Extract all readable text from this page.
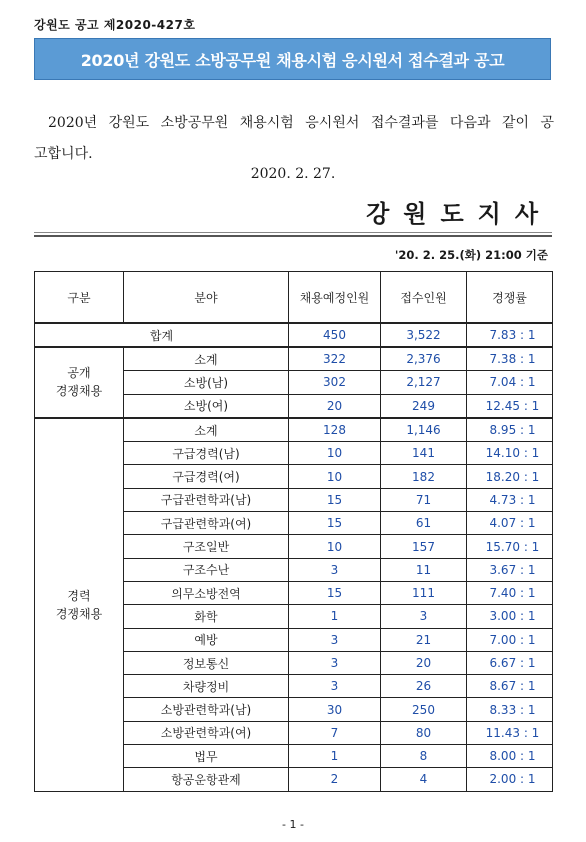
강원도 공고 제2020-427호
2020년 강원도 소방공무원 채용시험 응시원서 접수결과 공고
2020년 강원도 소방공무원 채용시험 응시원서 접수결과를 다음과 같이 공고합니다.
2020. 2. 27.
강원도지사
'20. 2. 25.(화) 21:00 기준
구분	분야	채용예정인원	접수인원	경쟁률
합계		450	3,522	7.83 : 1
공개
경쟁채용	소계	322	2,376	7.38 : 1
	소방(남)	302	2,127	7.04 : 1
	소방(여)	20	249	12.45 : 1
경력
경쟁채용	소계	128	1,146	8.95 : 1
	구급경력(남)	10	141	14.10 : 1
	구급경력(여)	10	182	18.20 : 1
	구급관련학과(남)	15	71	4.73 : 1
	구급관련학과(여)	15	61	4.07 : 1
	구조일반	10	157	15.70 : 1
	구조수난	3	11	3.67 : 1
	의무소방전역	15	111	7.40 : 1
	화학	1	3	3.00 : 1
	예방	3	21	7.00 : 1
	정보통신	3	20	6.67 : 1
	차량정비	3	26	8.67 : 1
	소방관련학과(남)	30	250	8.33 : 1
	소방관련학과(여)	7	80	11.43 : 1
	법무	1	8	8.00 : 1
	항공운항관제	2	4	2.00 : 1
- 1 -
